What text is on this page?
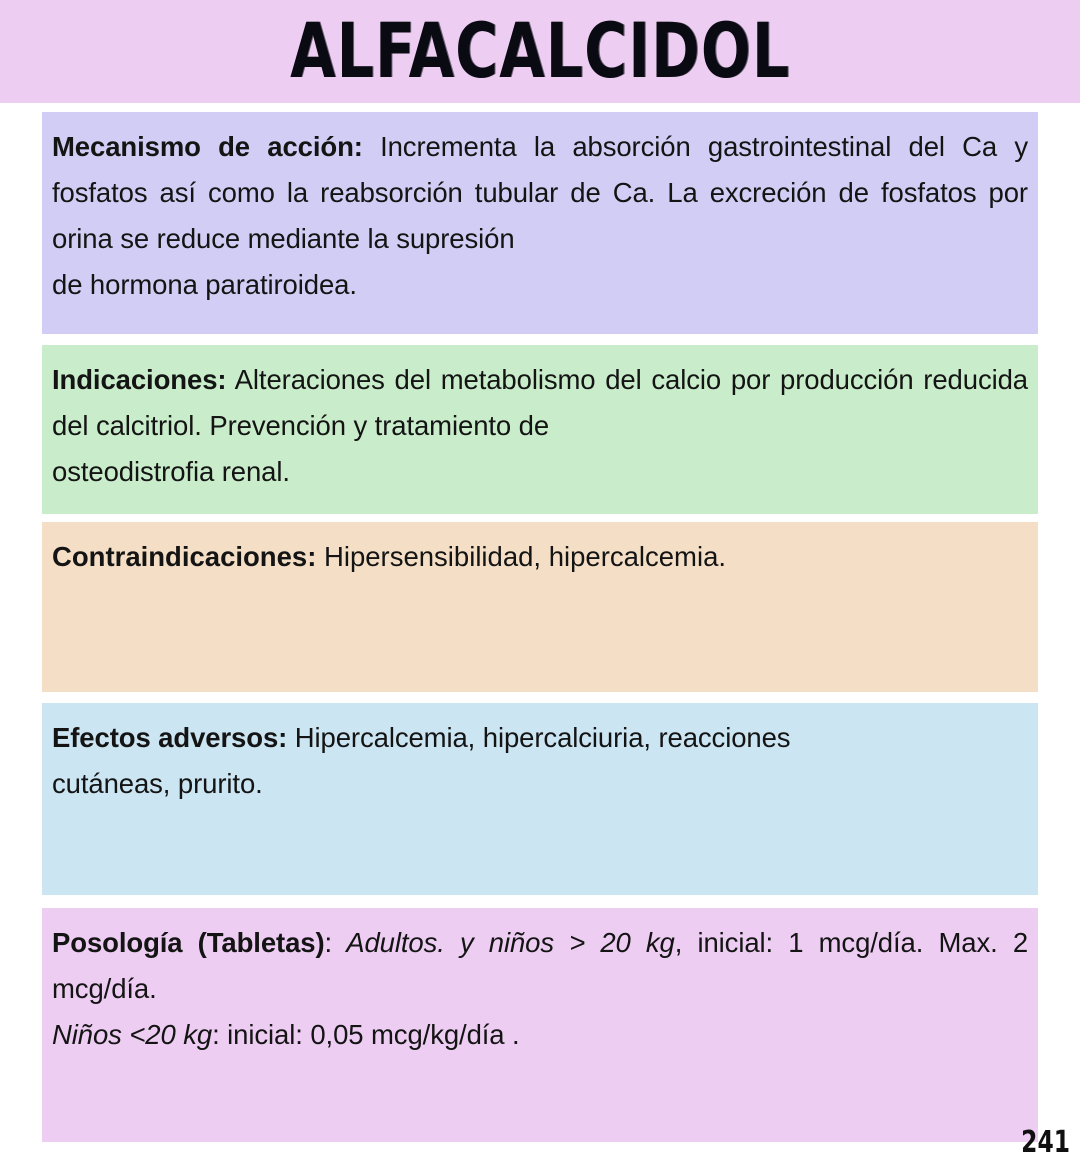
ALFACALCIDOL

Mecanismo de acción: Incrementa la absorción gastrointestinal del Ca y fosfatos así como la reabsorción tubular de Ca. La excreción de fosfatos por orina se reduce mediante la supresión

de hormona paratiroidea.

Indicaciones: Alteraciones del metabolismo del calcio por producción reducida del calcitriol. Prevención y tratamiento de

osteodistrofia renal.

Contraindicaciones: Hipersensibilidad, hipercalcemia.

Efectos adversos: Hipercalcemia, hipercalciuria, reacciones

cutáneas, prurito.

Posología (Tabletas): Adultos. y niños > 20 kg, inicial: 1 mcg/día. Max. 2 mcg/día.

Niños <20 kg: inicial: 0,05 mcg/kg/día .

241
